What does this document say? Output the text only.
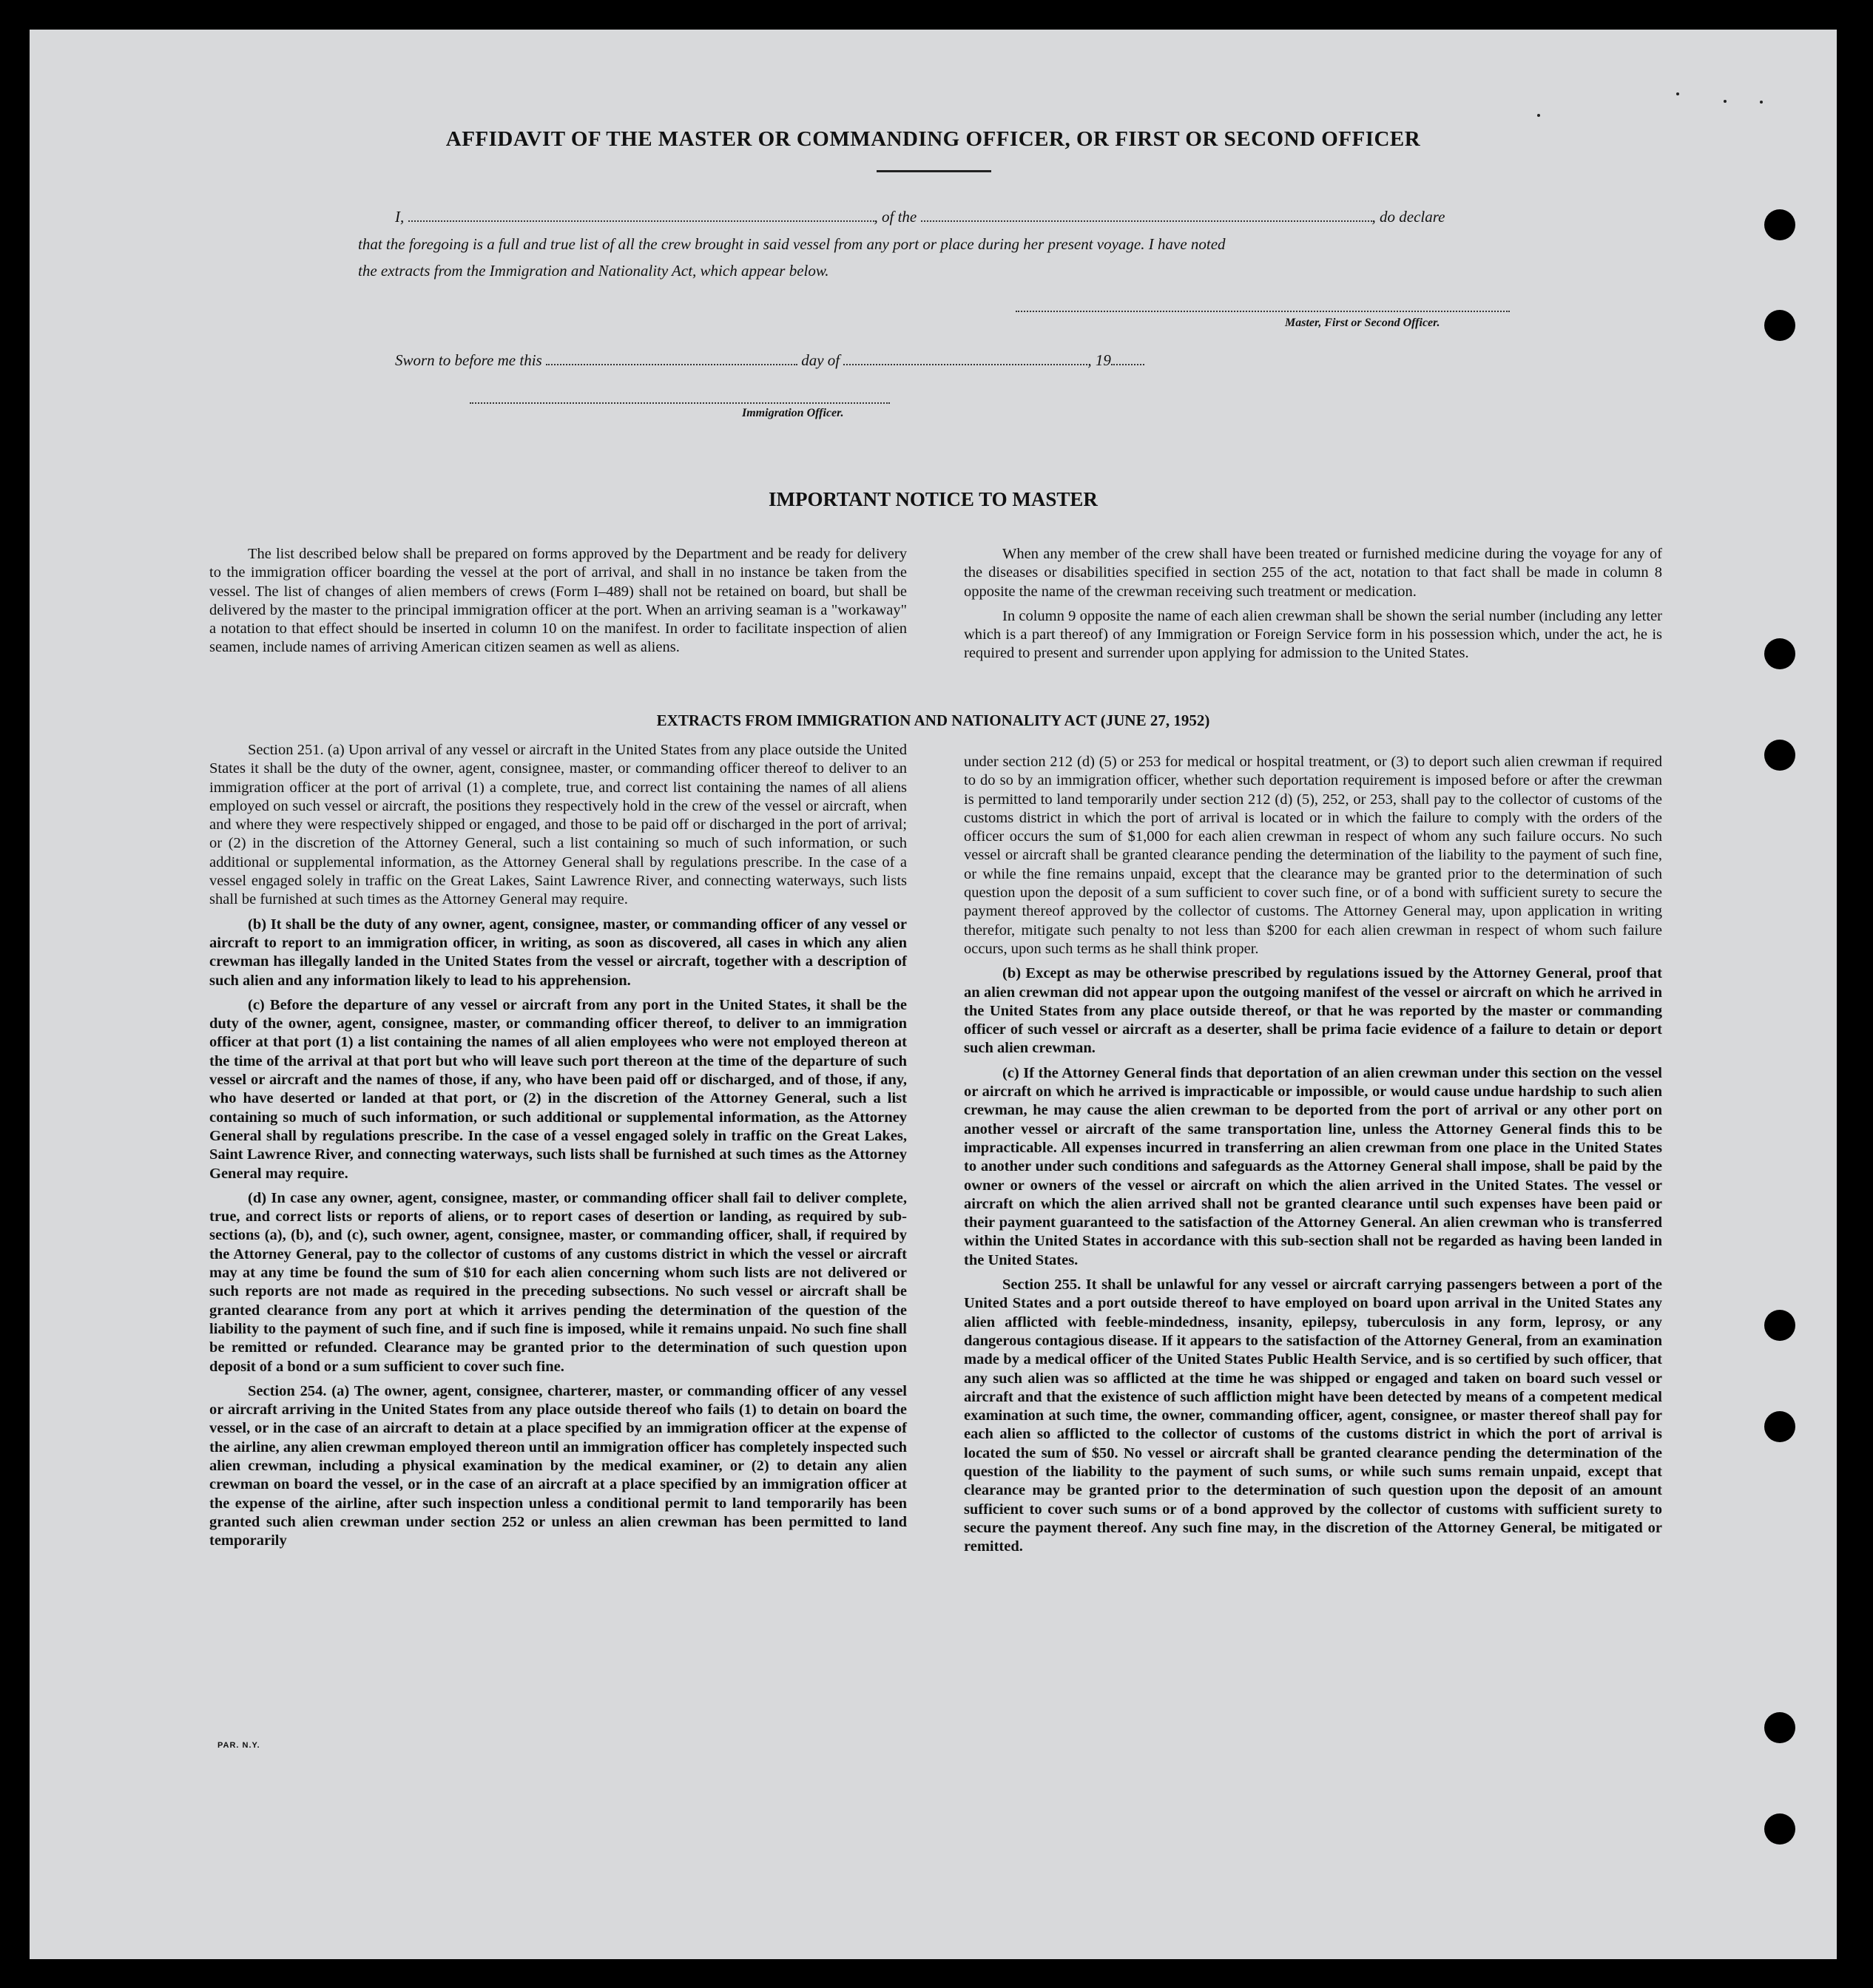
AFFIDAVIT OF THE MASTER OR COMMANDING OFFICER, OR FIRST OR SECOND OFFICER
I,	, of the	, do declare
that the foregoing is a full and true list of all the crew brought in said vessel from any port or place during her present voyage. I have noted
the extracts from the Immigration and Nationality Act, which appear below.
Master, First or Second Officer.
Sworn to before me this	day of	, 19
Immigration Officer.
IMPORTANT NOTICE TO MASTER

The list described below shall be prepared on forms approved by the Department and be ready for delivery to the immigration officer boarding the vessel at the port of arrival, and shall in no instance be taken from the vessel. The list of changes of alien members of crews (Form I–489) shall not be retained on board, but shall be delivered by the master to the principal immigration officer at the port. When an arriving seaman is a "workaway" a notation to that effect should be inserted in column 10 on the manifest. In order to facilitate inspection of alien seamen, include names of arriving American citizen seamen as well as aliens.

When any member of the crew shall have been treated or furnished medicine during the voyage for any of the diseases or disabilities specified in section 255 of the act, notation to that fact shall be made in column 8 opposite the name of the crewman receiving such treatment or medication.

In column 9 opposite the name of each alien crewman shall be shown the serial number (including any letter which is a part thereof) of any Immigration or Foreign Service form in his possession which, under the act, he is required to present and surrender upon applying for admission to the United States.

EXTRACTS FROM IMMIGRATION AND NATIONALITY ACT (JUNE 27, 1952)

Section 251. (a) Upon arrival of any vessel or aircraft in the United States from any place outside the United States it shall be the duty of the owner, agent, consignee, master, or commanding officer thereof to deliver to an immigration officer at the port of arrival (1) a complete, true, and correct list containing the names of all aliens employed on such vessel or aircraft, the positions they respectively hold in the crew of the vessel or aircraft, when and where they were respectively shipped or engaged, and those to be paid off or discharged in the port of arrival; or (2) in the discretion of the Attorney General, such a list containing so much of such information, or such additional or supplemental information, as the Attorney General shall by regulations prescribe. In the case of a vessel engaged solely in traffic on the Great Lakes, Saint Lawrence River, and connecting waterways, such lists shall be furnished at such times as the Attorney General may require.

(b) It shall be the duty of any owner, agent, consignee, master, or commanding officer of any vessel or aircraft to report to an immigration officer, in writing, as soon as discovered, all cases in which any alien crewman has illegally landed in the United States from the vessel or aircraft, together with a description of such alien and any information likely to lead to his apprehension.

(c) Before the departure of any vessel or aircraft from any port in the United States, it shall be the duty of the owner, agent, consignee, master, or commanding officer thereof, to deliver to an immigration officer at that port (1) a list containing the names of all alien employees who were not employed thereon at the time of the arrival at that port but who will leave such port thereon at the time of the departure of such vessel or aircraft and the names of those, if any, who have been paid off or discharged, and of those, if any, who have deserted or landed at that port, or (2) in the discretion of the Attorney General, such a list containing so much of such information, or such additional or supplemental information, as the Attorney General shall by regulations prescribe. In the case of a vessel engaged solely in traffic on the Great Lakes, Saint Lawrence River, and connecting waterways, such lists shall be furnished at such times as the Attorney General may require.

(d) In case any owner, agent, consignee, master, or commanding officer shall fail to deliver complete, true, and correct lists or reports of aliens, or to report cases of desertion or landing, as required by sub-sections (a), (b), and (c), such owner, agent, consignee, master, or commanding officer, shall, if required by the Attorney General, pay to the collector of customs of any customs district in which the vessel or aircraft may at any time be found the sum of $10 for each alien concerning whom such lists are not delivered or such reports are not made as required in the preceding subsections. No such vessel or aircraft shall be granted clearance from any port at which it arrives pending the determination of the question of the liability to the payment of such fine, and if such fine is imposed, while it remains unpaid. No such fine shall be remitted or refunded. Clearance may be granted prior to the determination of such question upon deposit of a bond or a sum sufficient to cover such fine.

Section 254. (a) The owner, agent, consignee, charterer, master, or commanding officer of any vessel or aircraft arriving in the United States from any place outside thereof who fails (1) to detain on board the vessel, or in the case of an aircraft to detain at a place specified by an immigration officer at the expense of the airline, any alien crewman employed thereon until an immigration officer has completely inspected such alien crewman, including a physical examination by the medical examiner, or (2) to detain any alien crewman on board the vessel, or in the case of an aircraft at a place specified by an immigration officer at the expense of the airline, after such inspection unless a conditional permit to land temporarily has been granted such alien crewman under section 252 or unless an alien crewman has been permitted to land temporarily

under section 212 (d) (5) or 253 for medical or hospital treatment, or (3) to deport such alien crewman if required to do so by an immigration officer, whether such deportation requirement is imposed before or after the crewman is permitted to land temporarily under section 212 (d) (5), 252, or 253, shall pay to the collector of customs of the customs district in which the port of arrival is located or in which the failure to comply with the orders of the officer occurs the sum of $1,000 for each alien crewman in respect of whom any such failure occurs. No such vessel or aircraft shall be granted clearance pending the determination of the liability to the payment of such fine, or while the fine remains unpaid, except that the clearance may be granted prior to the determination of such question upon the deposit of a sum sufficient to cover such fine, or of a bond with sufficient surety to secure the payment thereof approved by the collector of customs. The Attorney General may, upon application in writing therefor, mitigate such penalty to not less than $200 for each alien crewman in respect of whom such failure occurs, upon such terms as he shall think proper.

(b) Except as may be otherwise prescribed by regulations issued by the Attorney General, proof that an alien crewman did not appear upon the outgoing manifest of the vessel or aircraft on which he arrived in the United States from any place outside thereof, or that he was reported by the master or commanding officer of such vessel or aircraft as a deserter, shall be prima facie evidence of a failure to detain or deport such alien crewman.

(c) If the Attorney General finds that deportation of an alien crewman under this section on the vessel or aircraft on which he arrived is impracticable or impossible, or would cause undue hardship to such alien crewman, he may cause the alien crewman to be deported from the port of arrival or any other port on another vessel or aircraft of the same transportation line, unless the Attorney General finds this to be impracticable. All expenses incurred in transferring an alien crewman from one place in the United States to another under such conditions and safeguards as the Attorney General shall impose, shall be paid by the owner or owners of the vessel or aircraft on which the alien arrived in the United States. The vessel or aircraft on which the alien arrived shall not be granted clearance until such expenses have been paid or their payment guaranteed to the satisfaction of the Attorney General. An alien crewman who is transferred within the United States in accordance with this sub-section shall not be regarded as having been landed in the United States.

Section 255. It shall be unlawful for any vessel or aircraft carrying passengers between a port of the United States and a port outside thereof to have employed on board upon arrival in the United States any alien afflicted with feeble-mindedness, insanity, epilepsy, tuberculosis in any form, leprosy, or any dangerous contagious disease. If it appears to the satisfaction of the Attorney General, from an examination made by a medical officer of the United States Public Health Service, and is so certified by such officer, that any such alien was so afflicted at the time he was shipped or engaged and taken on board such vessel or aircraft and that the existence of such affliction might have been detected by means of a competent medical examination at such time, the owner, commanding officer, agent, consignee, or master thereof shall pay for each alien so afflicted to the collector of customs of the customs district in which the port of arrival is located the sum of $50. No vessel or aircraft shall be granted clearance pending the determination of the question of the liability to the payment of such sums, or while such sums remain unpaid, except that clearance may be granted prior to the determination of such question upon the deposit of an amount sufficient to cover such sums or of a bond approved by the collector of customs with sufficient surety to secure the payment thereof. Any such fine may, in the discretion of the Attorney General, be mitigated or remitted.

PAR. N.Y.
